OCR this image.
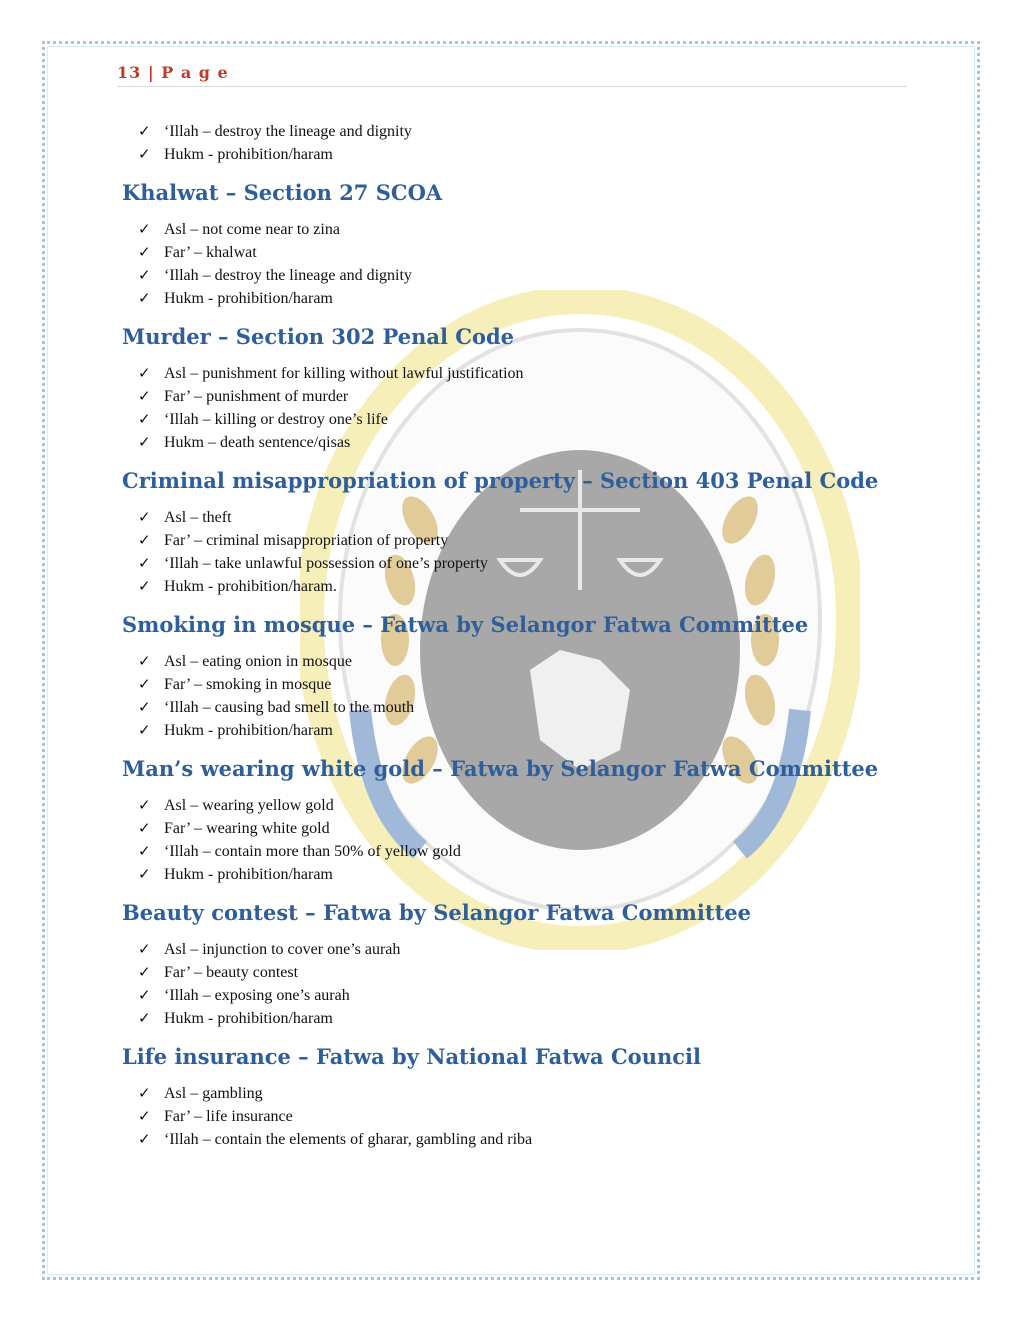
13 | P a g e
✓ ‘Illah – destroy the lineage and dignity
✓ Hukm - prohibition/haram
Khalwat – Section 27 SCOA
✓ Asl – not come near to zina
✓ Far’ – khalwat
✓ ‘Illah – destroy the lineage and dignity
✓ Hukm - prohibition/haram
Murder – Section 302 Penal Code
✓ Asl – punishment for killing without lawful justification
✓ Far’ – punishment of murder
✓ ‘Illah – killing or destroy one’s life
✓ Hukm – death sentence/qisas
Criminal misappropriation of property – Section 403 Penal Code
✓ Asl – theft
✓ Far’ – criminal misappropriation of property
✓ ‘Illah – take unlawful possession of one’s property
✓ Hukm - prohibition/haram.
Smoking in mosque – Fatwa by Selangor Fatwa Committee
✓ Asl – eating onion in mosque
✓ Far’ – smoking in mosque
✓ ‘Illah – causing bad smell to the mouth
✓ Hukm - prohibition/haram
Man’s wearing white gold – Fatwa by Selangor Fatwa Committee
✓ Asl – wearing yellow gold
✓ Far’ – wearing white gold
✓ ‘Illah – contain more than 50% of yellow gold
✓ Hukm - prohibition/haram
Beauty contest – Fatwa by Selangor Fatwa Committee
✓ Asl – injunction to cover one’s aurah
✓ Far’ – beauty contest
✓ ‘Illah – exposing one’s aurah
✓ Hukm - prohibition/haram
Life insurance – Fatwa by National Fatwa Council
✓ Asl – gambling
✓ Far’ – life insurance
✓ ‘Illah – contain the elements of gharar, gambling and riba
